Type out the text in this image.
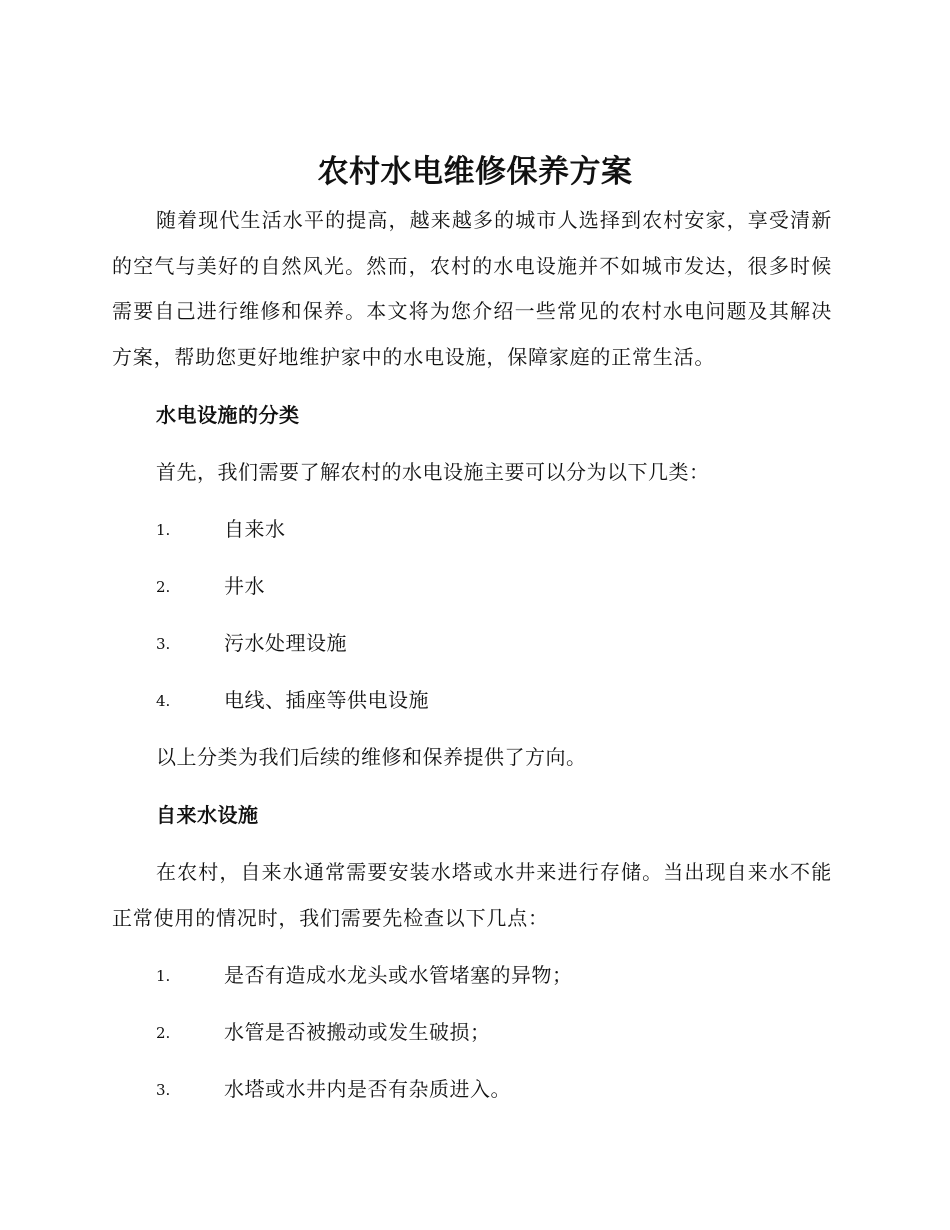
农村水电维修保养方案
随着现代生活水平的提高，越来越多的城市人选择到农村安家，享受清新的空气与美好的自然风光。然而，农村的水电设施并不如城市发达，很多时候需要自己进行维修和保养。本文将为您介绍一些常见的农村水电问题及其解决方案，帮助您更好地维护家中的水电设施，保障家庭的正常生活。
水电设施的分类
首先，我们需要了解农村的水电设施主要可以分为以下几类：
1.	自来水
2.	井水
3.	污水处理设施
4.	电线、插座等供电设施
以上分类为我们后续的维修和保养提供了方向。
自来水设施
在农村，自来水通常需要安装水塔或水井来进行存储。当出现自来水不能正常使用的情况时，我们需要先检查以下几点：
1.	是否有造成水龙头或水管堵塞的异物；
2.	水管是否被搬动或发生破损；
3.	水塔或水井内是否有杂质进入。
